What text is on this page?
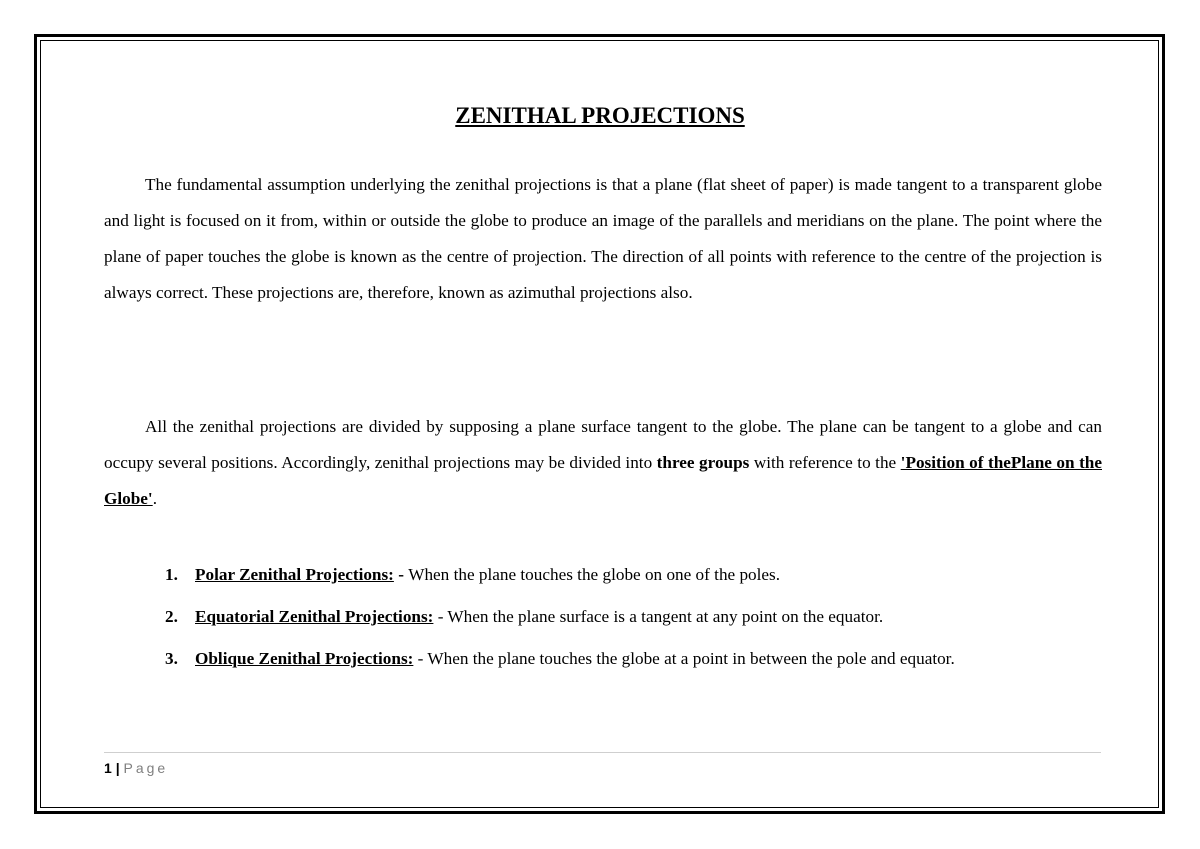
ZENITHAL PROJECTIONS

The fundamental assumption underlying the zenithal projections is that a plane (flat sheet of paper) is made tangent to a transparent globe and light is focused on it from, within or outside the globe to produce an image of the parallels and meridians on the plane. The point where the plane of paper touches the globe is known as the centre of projection. The direction of all points with reference to the centre of the projection is always correct. These projections are, therefore, known as azimuthal projections also.

All the zenithal projections are divided by supposing a plane surface tangent to the globe. The plane can be tangent to a globe and can occupy several positions. Accordingly, zenithal projections may be divided into three groups with reference to the 'Position of thePlane on the Globe'.

1. Polar Zenithal Projections: - When the plane touches the globe on one of the poles.
2. Equatorial Zenithal Projections: - When the plane surface is a tangent at any point on the equator.
3. Oblique Zenithal Projections: - When the plane touches the globe at a point in between the pole and equator.
1 | Page
